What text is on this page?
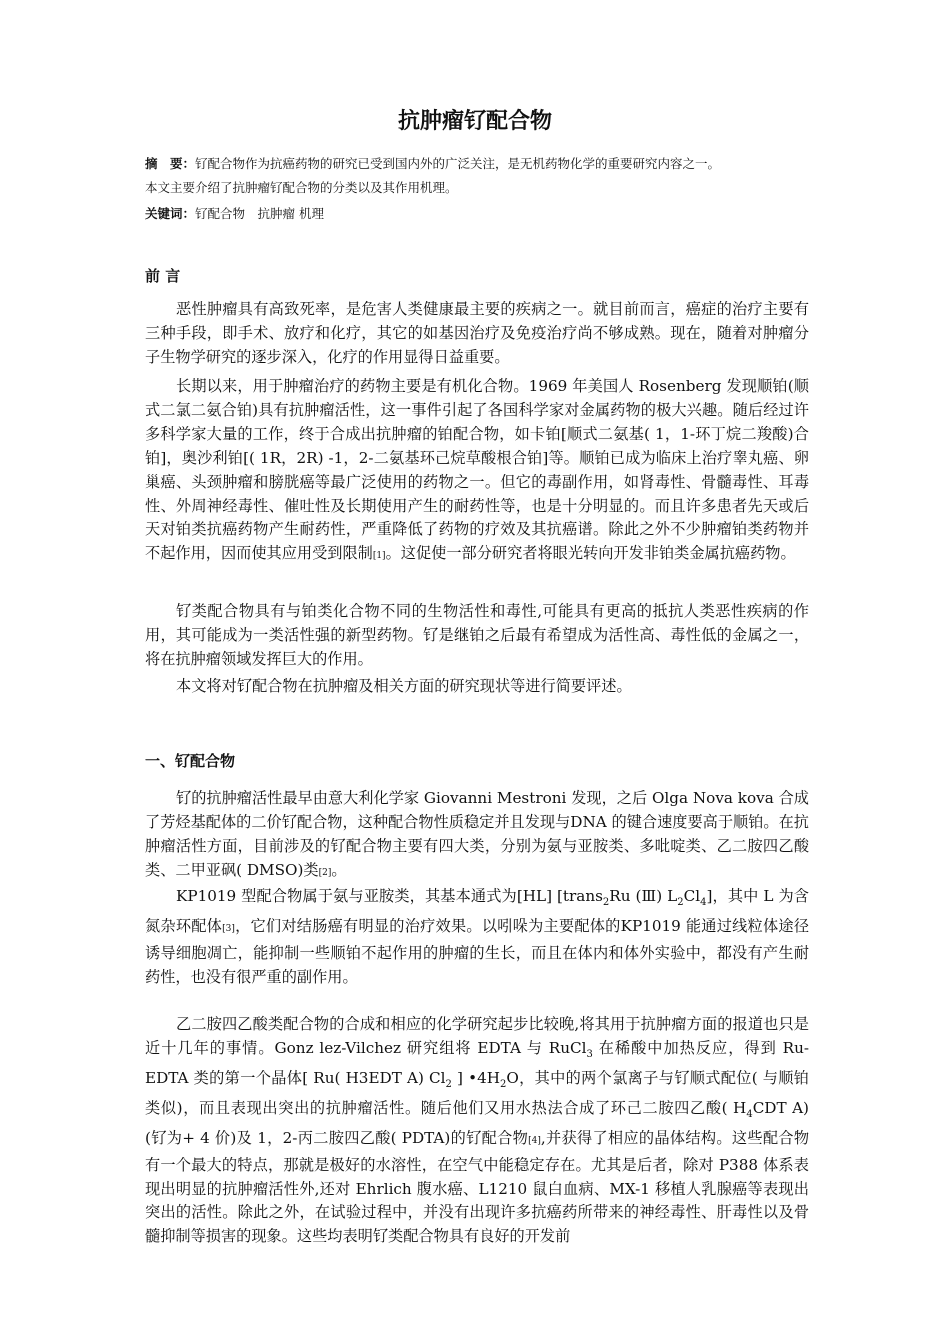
抗肿瘤钌配合物
摘　要：钌配合物作为抗癌药物的研究已受到国内外的广泛关注，是无机药物化学的重要研究内容之一。
本文主要介绍了抗肿瘤钌配合物的分类以及其作用机理。
关键词：钌配合物　抗肿瘤 机理
前 言

恶性肿瘤具有高致死率，是危害人类健康最主要的疾病之一。就目前而言，癌症的治疗主要有三种手段，即手术、放疗和化疗，其它的如基因治疗及免疫治疗尚不够成熟。现在，随着对肿瘤分子生物学研究的逐步深入，化疗的作用显得日益重要。

长期以来，用于肿瘤治疗的药物主要是有机化合物。1969 年美国人 Rosenberg 发现顺铂(顺式二氯二氨合铂)具有抗肿瘤活性，这一事件引起了各国科学家对金属药物的极大兴趣。随后经过许多科学家大量的工作，终于合成出抗肿瘤的铂配合物，如卡铂[顺式二氨基( 1，1-环丁烷二羧酸)合铂]，奥沙利铂[( 1R，2R) -1，2-二氨基环己烷草酸根合铂]等。顺铂已成为临床上治疗睾丸癌、卵巢癌、头颈肿瘤和膀胱癌等最广泛使用的药物之一。但它的毒副作用，如肾毒性、骨髓毒性、耳毒性、外周神经毒性、催吐性及长期使用产生的耐药性等，也是十分明显的。而且许多患者先天或后天对铂类抗癌药物产生耐药性，严重降低了药物的疗效及其抗癌谱。除此之外不少肿瘤铂类药物并不起作用，因而使其应用受到限制[1]。这促使一部分研究者将眼光转向开发非铂类金属抗癌药物。

钌类配合物具有与铂类化合物不同的生物活性和毒性,可能具有更高的抵抗人类恶性疾病的作用，其可能成为一类活性强的新型药物。钌是继铂之后最有希望成为活性高、毒性低的金属之一，将在抗肿瘤领域发挥巨大的作用。

本文将对钌配合物在抗肿瘤及相关方面的研究现状等进行简要评述。

一、钌配合物

钌的抗肿瘤活性最早由意大利化学家 Giovanni Mestroni 发现，之后 Olga Nova kova 合成了芳烃基配体的二价钌配合物，这种配合物性质稳定并且发现与DNA 的键合速度要高于顺铂。在抗肿瘤活性方面，目前涉及的钌配合物主要有四大类，分别为氨与亚胺类、多吡啶类、乙二胺四乙酸类、二甲亚砜( DMSO)类[2]。

KP1019 型配合物属于氨与亚胺类，其基本通式为[HL] [trans$_2$Ru (Ⅲ) $L_2Cl_4$]，其中 L 为含氮杂环配体[3]，它们对结肠癌有明显的治疗效果。以吲哚为主要配体的KP1019 能通过线粒体途径诱导细胞凋亡，能抑制一些顺铂不起作用的肿瘤的生长，而且在体内和体外实验中，都没有产生耐药性，也没有很严重的副作用。

乙二胺四乙酸类配合物的合成和相应的化学研究起步比较晚,将其用于抗肿瘤方面的报道也只是近十几年的事情。Gonz lez-Vilchez 研究组将 EDTA 与 RuCl$_3$ 在稀酸中加热反应，得到 Ru-EDTA 类的第一个晶体[ Ru( H3EDT A) $Cl_2$ ] $•4H_2O$，其中的两个氯离子与钌顺式配位( 与顺铂类似)，而且表现出突出的抗肿瘤活性。随后他们又用水热法合成了环己二胺四乙酸( $H_4CDT$ A) (钌为+ 4 价)及 1，2-丙二胺四乙酸( PDTA)的钌配合物[4],并获得了相应的晶体结构。这些配合物有一个最大的特点，那就是极好的水溶性，在空气中能稳定存在。尤其是后者，除对 P388 体系表现出明显的抗肿瘤活性外,还对 Ehrlich 腹水癌、L1210 鼠白血病、MX-1 移植人乳腺癌等表现出突出的活性。除此之外，在试验过程中，并没有出现许多抗癌药所带来的神经毒性、肝毒性以及骨髓抑制等损害的现象。这些均表明钌类配合物具有良好的开发前
